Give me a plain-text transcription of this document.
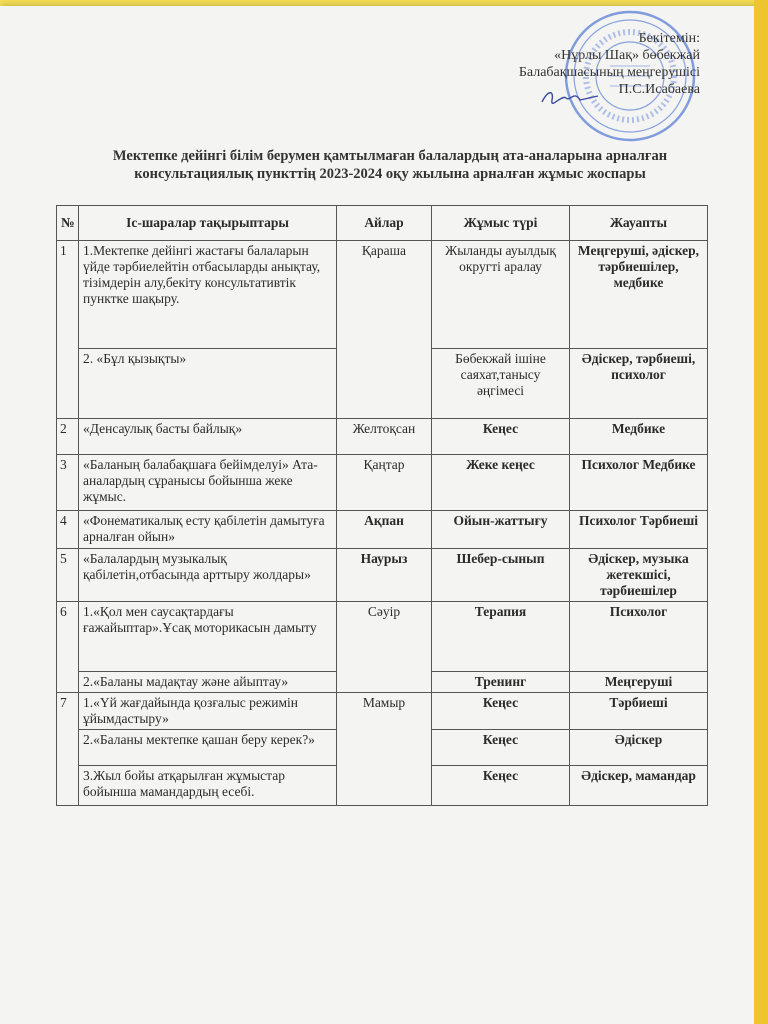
Бекітемін:
«Нұрлы Шақ» бөбекжай
Балабақшасының меңгерушісі
П.С.Исабаева
Мектепке дейінгі білім берумен қамтылмаған балалардың ата-аналарына арналған
консультациялық пункттің 2023-2024 оқу жылына арналған жұмыс жоспары
№	Іс-шаралар тақырыптары	Айлар	Жұмыс түрі	Жауапты
1	1.Мектепке дейінгі жастағы балаларын үйде тәрбиелейтін отбасыларды анықтау, тізімдерін алу,бекіту консультативтік пунктке шақыру.	Қараша	Жыланды ауылдық округті аралау	Меңгеруші, әдіскер, тәрбиешілер, медбике
	2. «Бұл қызықты»		Бөбекжай ішіне саяхат,танысу әңгімесі	Әдіскер, тәрбиеші, психолог
2	«Денсаулық басты байлық»	Желтоқсан	Кеңес	Медбике
3	«Баланың балабақшаға бейімделуі» Ата-аналардың сұранысы бойынша жеке жұмыс.	Қаңтар	Жеке кеңес	Психолог Медбике
4	«Фонематикалық есту қабілетін дамытуға арналған ойын»	Ақпан	Ойын-жаттығу	Психолог Тәрбиеші
5	«Балалардың музыкалық қабілетін,отбасында арттыру жолдары»	Наурыз	Шебер-сынып	Әдіскер, музыка жетекшісі, тәрбиешілер
6	1.«Қол мен саусақтардағы ғажайыптар».Ұсақ моторикасын дамыту	Сәуір	Терапия	Психолог
	2.«Баланы мадақтау және айыптау»		Тренинг	Меңгеруші
7	1.«Үй жағдайында қозғалыс режимін ұйымдастыру»	Мамыр	Кеңес	Тәрбиеші
	2.«Баланы мектепке қашан беру керек?»		Кеңес	Әдіскер
	3.Жыл бойы атқарылған жұмыстар бойынша мамандардың есебі.		Кеңес	Әдіскер, мамандар
